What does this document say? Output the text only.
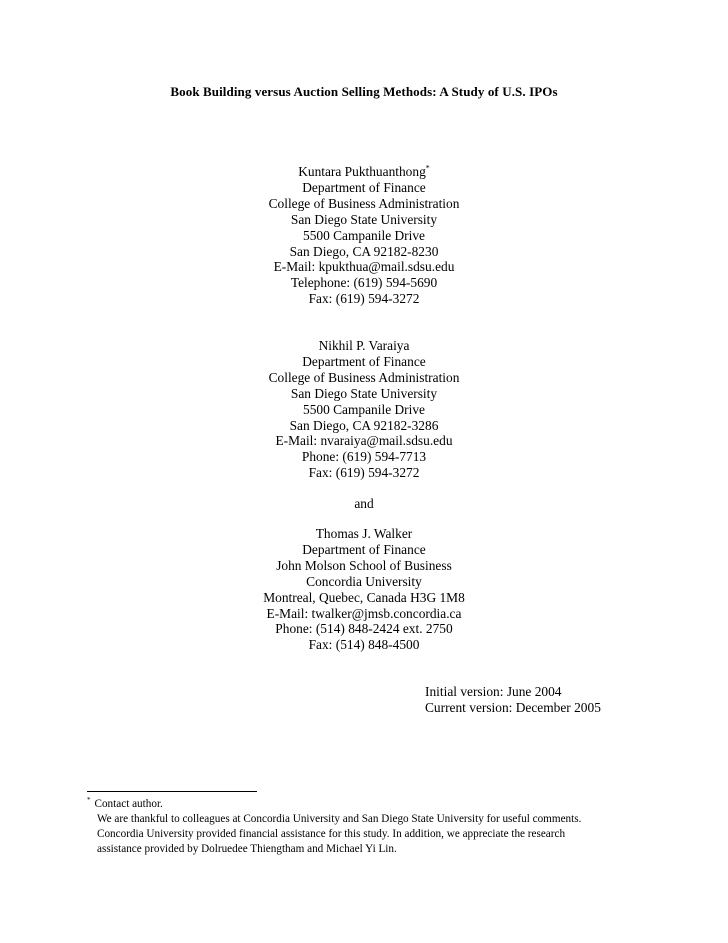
Book Building versus Auction Selling Methods: A Study of U.S. IPOs
Kuntara Pukthuanthong*
Department of Finance
College of Business Administration
San Diego State University
5500 Campanile Drive
San Diego, CA 92182-8230
E-Mail: kpukthua@mail.sdsu.edu
Telephone: (619) 594-5690
Fax: (619) 594-3272
Nikhil P. Varaiya
Department of Finance
College of Business Administration
San Diego State University
5500 Campanile Drive
San Diego, CA 92182-3286
E-Mail: nvaraiya@mail.sdsu.edu
Phone: (619) 594-7713
Fax: (619) 594-3272
and
Thomas J. Walker
Department of Finance
John Molson School of Business
Concordia University
Montreal, Quebec, Canada H3G 1M8
E-Mail: twalker@jmsb.concordia.ca
Phone: (514) 848-2424 ext. 2750
Fax: (514) 848-4500
Initial version: June 2004
Current version: December 2005
* Contact author.
We are thankful to colleagues at Concordia University and San Diego State University for useful comments.
Concordia University provided financial assistance for this study. In addition, we appreciate the research
assistance provided by Dolruedee Thiengtham and Michael Yi Lin.
